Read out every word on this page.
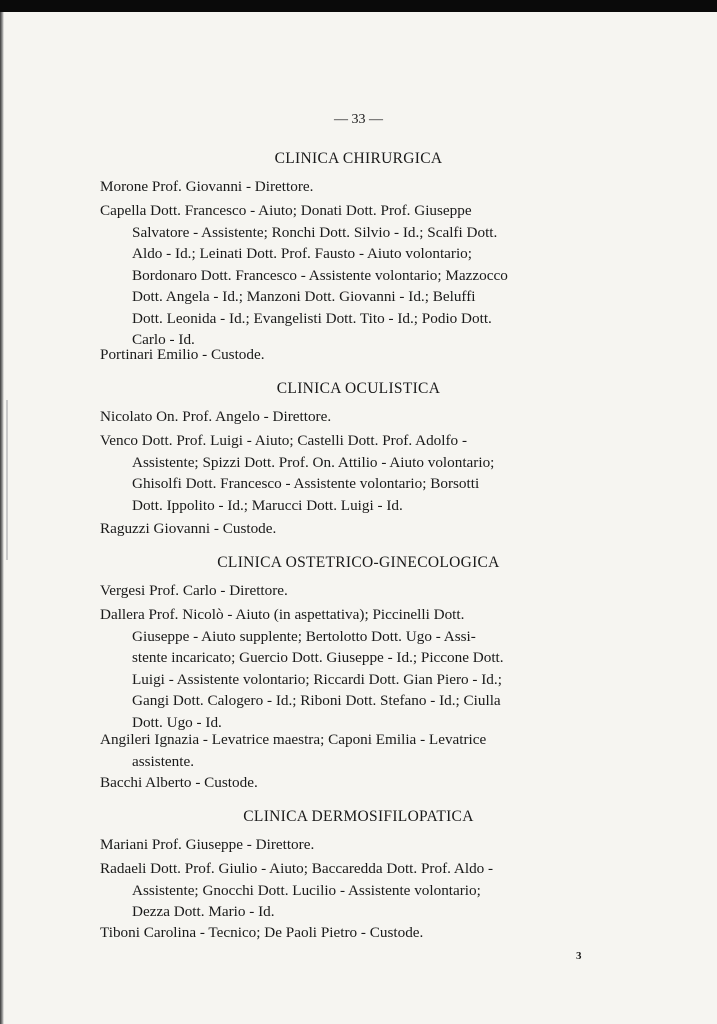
— 33 —
CLINICA CHIRURGICA
Morone Prof. Giovanni - Direttore.
Capella Dott. Francesco - Aiuto; Donati Dott. Prof. Giuseppe
Salvatore - Assistente; Ronchi Dott. Silvio - Id.; Scalfi Dott.
Aldo - Id.; Leinati Dott. Prof. Fausto - Aiuto volontario;
Bordonaro Dott. Francesco - Assistente volontario; Mazzocco
Dott. Angela - Id.; Manzoni Dott. Giovanni - Id.; Beluffi
Dott. Leonida - Id.; Evangelisti Dott. Tito - Id.; Podio Dott.
Carlo - Id.
Portinari Emilio - Custode.
CLINICA OCULISTICA
Nicolato On. Prof. Angelo - Direttore.
Venco Dott. Prof. Luigi - Aiuto; Castelli Dott. Prof. Adolfo -
Assistente; Spizzi Dott. Prof. On. Attilio - Aiuto volontario;
Ghisolfi Dott. Francesco - Assistente volontario; Borsotti
Dott. Ippolito - Id.; Marucci Dott. Luigi - Id.
Raguzzi Giovanni - Custode.
CLINICA OSTETRICO-GINECOLOGICA
Vergesi Prof. Carlo - Direttore.
Dallera Prof. Nicolò - Aiuto (in aspettativa); Piccinelli Dott.
Giuseppe - Aiuto supplente; Bertolotto Dott. Ugo - Assi-
stente incaricato; Guercio Dott. Giuseppe - Id.; Piccone Dott.
Luigi - Assistente volontario; Riccardi Dott. Gian Piero - Id.;
Gangi Dott. Calogero - Id.; Riboni Dott. Stefano - Id.; Ciulla
Dott. Ugo - Id.
Angileri Ignazia - Levatrice maestra; Caponi Emilia - Levatrice
assistente.
Bacchi Alberto - Custode.
CLINICA DERMOSIFILOPATICA
Mariani Prof. Giuseppe - Direttore.
Radaeli Dott. Prof. Giulio - Aiuto; Baccaredda Dott. Prof. Aldo -
Assistente; Gnocchi Dott. Lucilio - Assistente volontario;
Dezza Dott. Mario - Id.
Tiboni Carolina - Tecnico; De Paoli Pietro - Custode.
3
